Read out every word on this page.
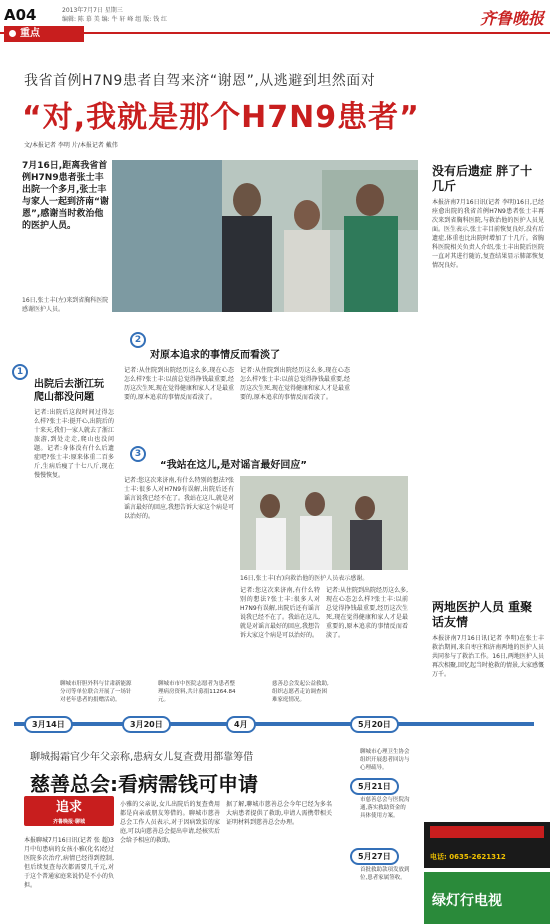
A04	2013年7月7日 星期三
编辑: 陈 慕 美 编: 牛 轩 峰 组 版: 钱 红	齐鲁晚报
重点
我省首例H7N9患者自驾来济“谢恩”,从逃避到坦然面对
“对,我就是那个H7N9患者”
文/本报记者 李明 片/本报记者 戴伟
7月16日,距离我省首例H7N9患者张士丰出院一个多月,张士丰与家人一起到济南“谢恩”,感谢当时救治他的医护人员。
16日,张士丰(左)来到省胸科医院感谢医护人员。
1
出院后去浙江玩 爬山都没问题
记者:出院后这段时间过得怎么样?张士丰:挺开心,出院后的十来天,我们一家人就去了浙江旅游,到处走走,爬山也没问题。记者:身体没有什么后遗症吧?张士丰:原来体重二百多斤,生病后瘦了十七八斤,现在慢慢恢复。
2
对原本追求的事情反而看淡了
记者:从住院到出院经历这么多,现在心态怎么样?张士丰:以前总觉得挣钱最重要,经历这次生死,现在觉得健康和家人才是最重要的,原本追求的事情反而看淡了。
记者:从住院到出院经历这么多,现在心态怎么样?张士丰:以前总觉得挣钱最重要,经历这次生死,现在觉得健康和家人才是最重要的,原本追求的事情反而看淡了。
3
“我站在这儿,是对谣言最好回应”
记者:您这次来济南,有什么特别的想法?张士丰:很多人对H7N9有误解,出院后还有谣言说我已经不在了。我站在这儿,就是对谣言最好的回应,我想告诉大家这个病是可以治好的。
16日,张士丰(右)向救治他的医护人员表示感谢。
记者:您这次来济南,有什么特别的想法?张士丰:很多人对H7N9有误解,出院后还有谣言说我已经不在了。我站在这儿,就是对谣言最好的回应,我想告诉大家这个病是可以治好的。
记者:从住院到出院经历这么多,现在心态怎么样?张士丰:以前总觉得挣钱最重要,经历这次生死,现在觉得健康和家人才是最重要的,原本追求的事情反而看淡了。
没有后遗症 胖了十几斤
本报济南7月16日讯(记者 李明)16日,已经痊愈出院的我省首例H7N9患者张士丰再次来到省胸科医院,与救治他的医护人员见面。医生表示,张士丰目前恢复良好,没有后遗症,体重也比出院时增加了十几斤。省胸科医院相关负责人介绍,张士丰出院后医院一直对其进行随访,复查结果显示肺部恢复情况良好。
两地医护人员 重聚话友情
本报济南7月16日讯(记者 李明)在张士丰救治期间,来自枣庄和济南两地的医护人员共同参与了救治工作。16日,两地医护人员再次相聚,回忆起当时抢救的情景,大家感慨万千。
3月14日
聊城市肝胆外科与甘肃新能源分司等单位联合开展了一场针对老年患者的捐赠活动。
3月20日
聊城市市中医院志愿者为患者整理病房资料,共计募捐11264.84元。
4月
慈善总会发起公益救助,组织志愿者走访调查困难家庭情况。
5月20日
聊城市心理卫生协会组织开展患者回访与心理疏导。
5月21日
市慈善总会与医院沟通,落实救助资金的具体使用方案。
5月27日
首批救助款项发放到位,患者家属签收。
聊城揭霜官少年父亲称,患病女儿复查费用都靠筹借
慈善总会:看病需钱可申请
追求
齐鲁晚报·聊城
本报聊城7月16日讯(记者 张 超)3月中旬患病的女孩小雅(化名)经过医院多次治疗,病情已经得到控制,但后续复查每次都需要几千元,对于这个普通家庭来说仍是不小的负担。
小雅的父亲说,女儿出院后的复查费用都是向亲戚朋友筹借的。聊城市慈善总会工作人员表示,对于因病致贫的家庭,可以向慈善总会提出申请,经核实后会给予相应的救助。
据了解,聊城市慈善总会今年已经为多名大病患者提供了救助,申请人需携带相关证明材料到慈善总会办理。
电话: 0635-2621312
绿灯行电视
